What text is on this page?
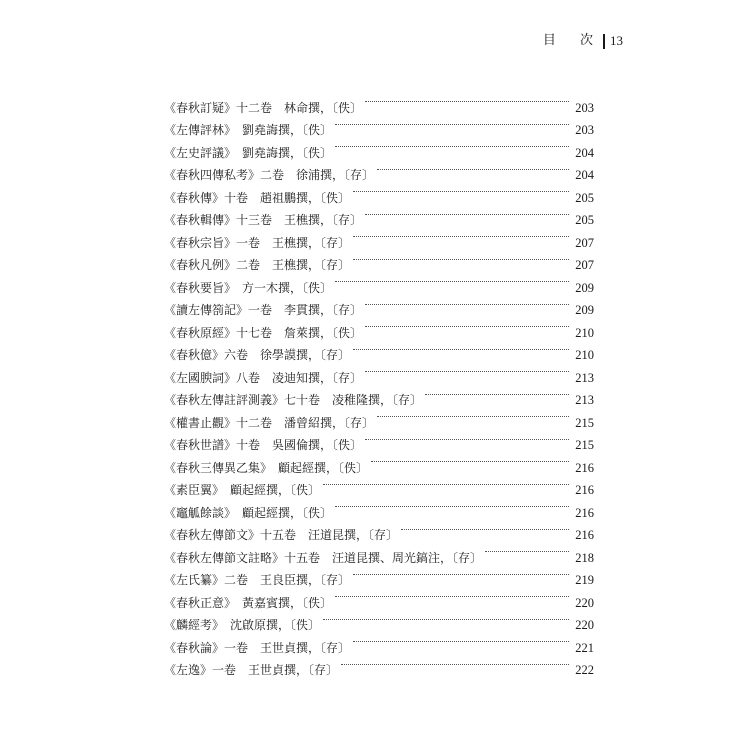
目 次 13
《春秋訂疑》十二卷　林命撰，〔佚〕	203
《左傳評林》　劉堯誨撰，〔佚〕	203
《左史評議》　劉堯誨撰，〔佚〕	204
《春秋四傳私考》二卷　徐浦撰，〔存〕	204
《春秋傳》十卷　趙祖鵬撰，〔佚〕	205
《春秋輯傳》十三卷　王樵撰，〔存〕	205
《春秋宗旨》一卷　王樵撰，〔存〕	207
《春秋凡例》二卷　王樵撰，〔存〕	207
《春秋要旨》　方一木撰，〔佚〕	209
《讀左傳箚記》一卷　李貫撰，〔存〕	209
《春秋原經》十七卷　詹萊撰，〔佚〕	210
《春秋億》六卷　徐學謨撰，〔存〕	210
《左國腴詞》八卷　凌迪知撰，〔存〕	213
《春秋左傳註評測義》七十卷　凌稚隆撰，〔存〕	213
《權書止觀》十二卷　潘曾紹撰，〔存〕	215
《春秋世譜》十卷　吳國倫撰，〔佚〕	215
《春秋三傳異乙集》　顧起經撰，〔佚〕	216
《素臣翼》　顧起經撰，〔佚〕	216
《竈觚餘談》　顧起經撰，〔佚〕	216
《春秋左傳節文》十五卷　汪道昆撰，〔存〕	216
《春秋左傳節文註略》十五卷　汪道昆撰、周光鎬注，〔存〕	218
《左氏纂》二卷　王良臣撰，〔存〕	219
《春秋正意》　黃嘉賓撰，〔佚〕	220
《麟經考》　沈啟原撰，〔佚〕	220
《春秋論》一卷　王世貞撰，〔存〕	221
《左逸》一卷　王世貞撰，〔存〕	222
